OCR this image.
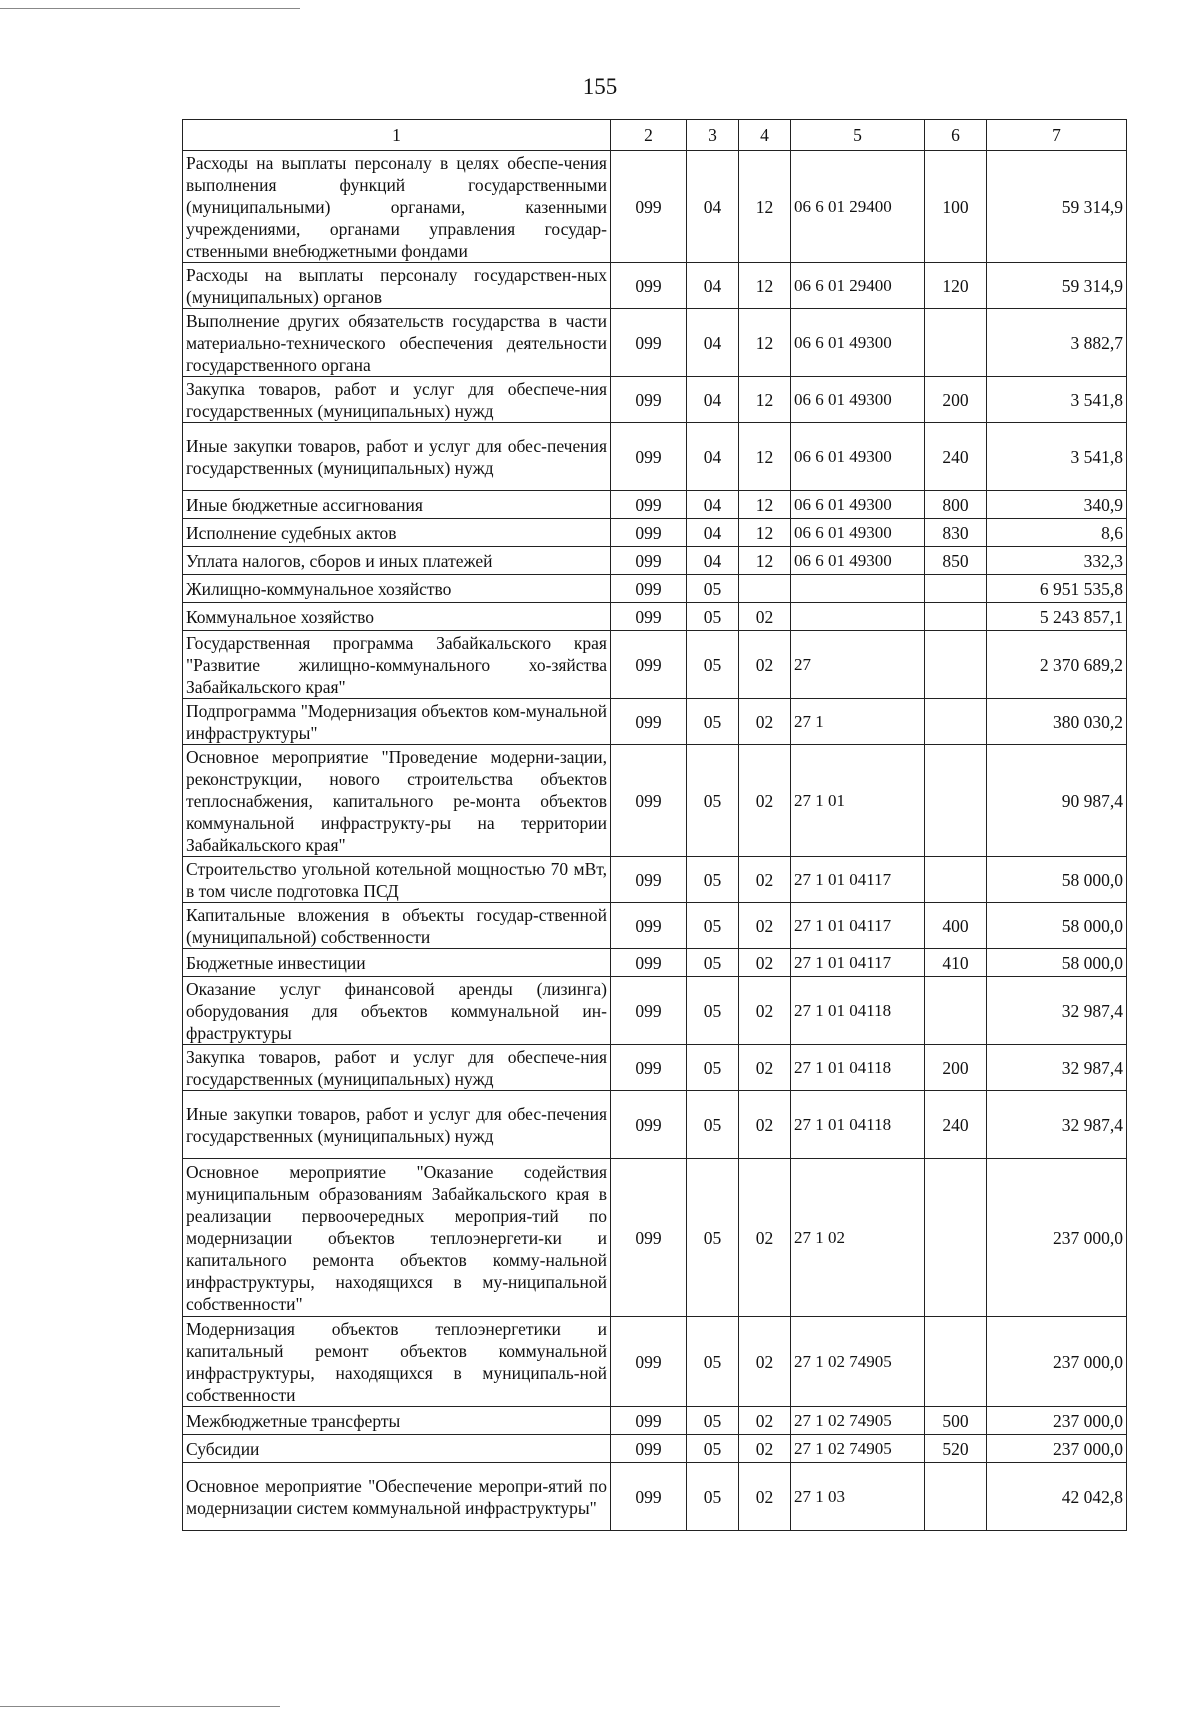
155
1	2	3	4	5	6	7
Расходы на выплаты персоналу в целях обеспе-чения выполнения функций государственными (муниципальными) органами, казенными учреждениями, органами управления государ-ственными внебюджетными фондами	099	04	12	06 6 01 29400	100	59 314,9
Расходы на выплаты персоналу государствен-ных (муниципальных) органов	099	04	12	06 6 01 29400	120	59 314,9
Выполнение других обязательств государства в части материально-технического обеспечения деятельности государственного органа	099	04	12	06 6 01 49300		3 882,7
Закупка товаров, работ и услуг для обеспече-ния государственных (муниципальных) нужд	099	04	12	06 6 01 49300	200	3 541,8
Иные закупки товаров, работ и услуг для обес-печения государственных (муниципальных) нужд	099	04	12	06 6 01 49300	240	3 541,8
Иные бюджетные ассигнования	099	04	12	06 6 01 49300	800	340,9
Исполнение судебных актов	099	04	12	06 6 01 49300	830	8,6
Уплата налогов, сборов и иных платежей	099	04	12	06 6 01 49300	850	332,3
Жилищно-коммунальное хозяйство	099	05				6 951 535,8
Коммунальное хозяйство	099	05	02			5 243 857,1
Государственная программа Забайкальского края "Развитие жилищно-коммунального хо-зяйства Забайкальского края"	099	05	02	27		2 370 689,2
Подпрограмма "Модернизация объектов ком-мунальной инфраструктуры"	099	05	02	27 1		380 030,2
Основное мероприятие "Проведение модерни-зации, реконструкции, нового строительства объектов теплоснабжения, капитального ре-монта объектов коммунальной инфраструкту-ры на территории Забайкальского края"	099	05	02	27 1 01		90 987,4
Строительство угольной котельной мощностью 70 мВт, в том числе подготовка ПСД	099	05	02	27 1 01 04117		58 000,0
Капитальные вложения в объекты государ-ственной (муниципальной) собственности	099	05	02	27 1 01 04117	400	58 000,0
Бюджетные инвестиции	099	05	02	27 1 01 04117	410	58 000,0
Оказание услуг финансовой аренды (лизинга) оборудования для объектов коммунальной ин-фраструктуры	099	05	02	27 1 01 04118		32 987,4
Закупка товаров, работ и услуг для обеспече-ния государственных (муниципальных) нужд	099	05	02	27 1 01 04118	200	32 987,4
Иные закупки товаров, работ и услуг для обес-печения государственных (муниципальных) нужд	099	05	02	27 1 01 04118	240	32 987,4
Основное мероприятие "Оказание содействия муниципальным образованиям Забайкальского края в реализации первоочередных мероприя-тий по модернизации объектов теплоэнергети-ки и капитального ремонта объектов комму-нальной инфраструктуры, находящихся в му-ниципальной собственности"	099	05	02	27 1 02		237 000,0
Модернизация объектов теплоэнергетики и капитальный ремонт объектов коммунальной инфраструктуры, находящихся в муниципаль-ной собственности	099	05	02	27 1 02 74905		237 000,0
Межбюджетные трансферты	099	05	02	27 1 02 74905	500	237 000,0
Субсидии	099	05	02	27 1 02 74905	520	237 000,0
Основное мероприятие "Обеспечение меропри-ятий по модернизации систем коммунальной инфраструктуры"	099	05	02	27 1 03		42 042,8
